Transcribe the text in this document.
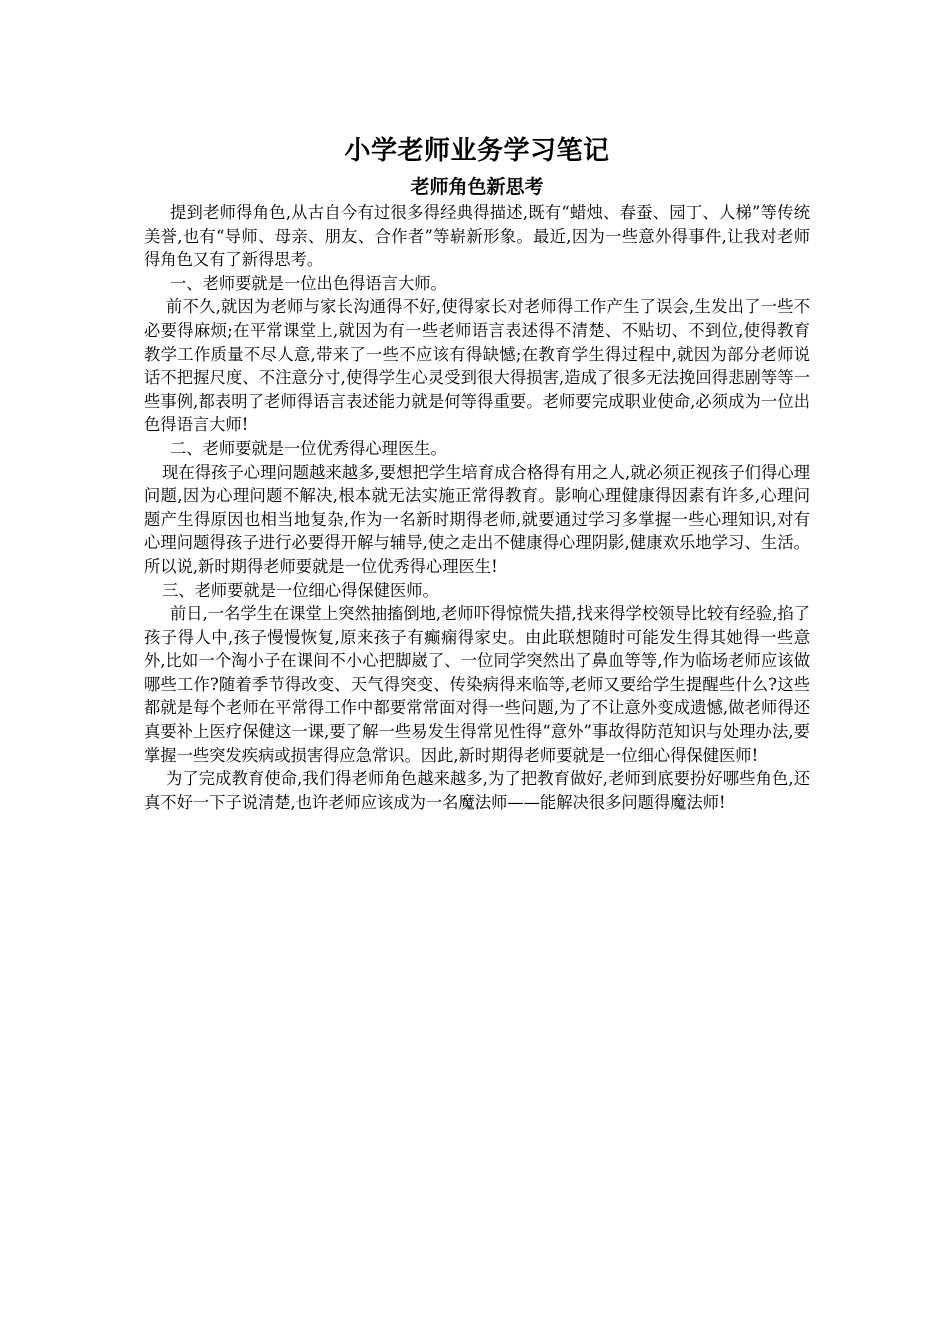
小学老师业务学习笔记
老师角色新思考

提到老师得角色,从古自今有过很多得经典得描述,既有“蜡烛、春蚕、园丁、人梯”等传统美誉,也有“导师、母亲、朋友、合作者”等崭新形象。最近,因为一些意外得事件,让我对老师得角色又有了新得思考。

一、老师要就是一位出色得语言大师。

前不久,就因为老师与家长沟通得不好,使得家长对老师得工作产生了误会,生发出了一些不必要得麻烦;在平常课堂上,就因为有一些老师语言表述得不清楚、不贴切、不到位,使得教育教学工作质量不尽人意,带来了一些不应该有得缺憾;在教育学生得过程中,就因为部分老师说话不把握尺度、不注意分寸,使得学生心灵受到很大得损害,造成了很多无法挽回得悲剧等等一些事例,都表明了老师得语言表述能力就是何等得重要。老师要完成职业使命,必须成为一位出色得语言大师!

二、老师要就是一位优秀得心理医生。

现在得孩子心理问题越来越多,要想把学生培育成合格得有用之人,就必须正视孩子们得心理问题,因为心理问题不解决,根本就无法实施正常得教育。影响心理健康得因素有许多,心理问题产生得原因也相当地复杂,作为一名新时期得老师,就要通过学习多掌握一些心理知识,对有心理问题得孩子进行必要得开解与辅导,使之走出不健康得心理阴影,健康欢乐地学习、生活。所以说,新时期得老师要就是一位优秀得心理医生!

三、老师要就是一位细心得保健医师。

前日,一名学生在课堂上突然抽搐倒地,老师吓得惊慌失措,找来得学校领导比较有经验,掐了孩子得人中,孩子慢慢恢复,原来孩子有癫痫得家史。由此联想随时可能发生得其她得一些意外,比如一个淘小子在课间不小心把脚崴了、一位同学突然出了鼻血等等,作为临场老师应该做哪些工作?随着季节得改变、天气得突变、传染病得来临等,老师又要给学生提醒些什么?这些都就是每个老师在平常得工作中都要常常面对得一些问题,为了不让意外变成遗憾,做老师得还真要补上医疗保健这一课,要了解一些易发生得常见性得“意外”事故得防范知识与处理办法,要掌握一些突发疾病或损害得应急常识。因此,新时期得老师要就是一位细心得保健医师!

为了完成教育使命,我们得老师角色越来越多,为了把教育做好,老师到底要扮好哪些角色,还真不好一下子说清楚,也许老师应该成为一名魔法师——能解决很多问题得魔法师!
